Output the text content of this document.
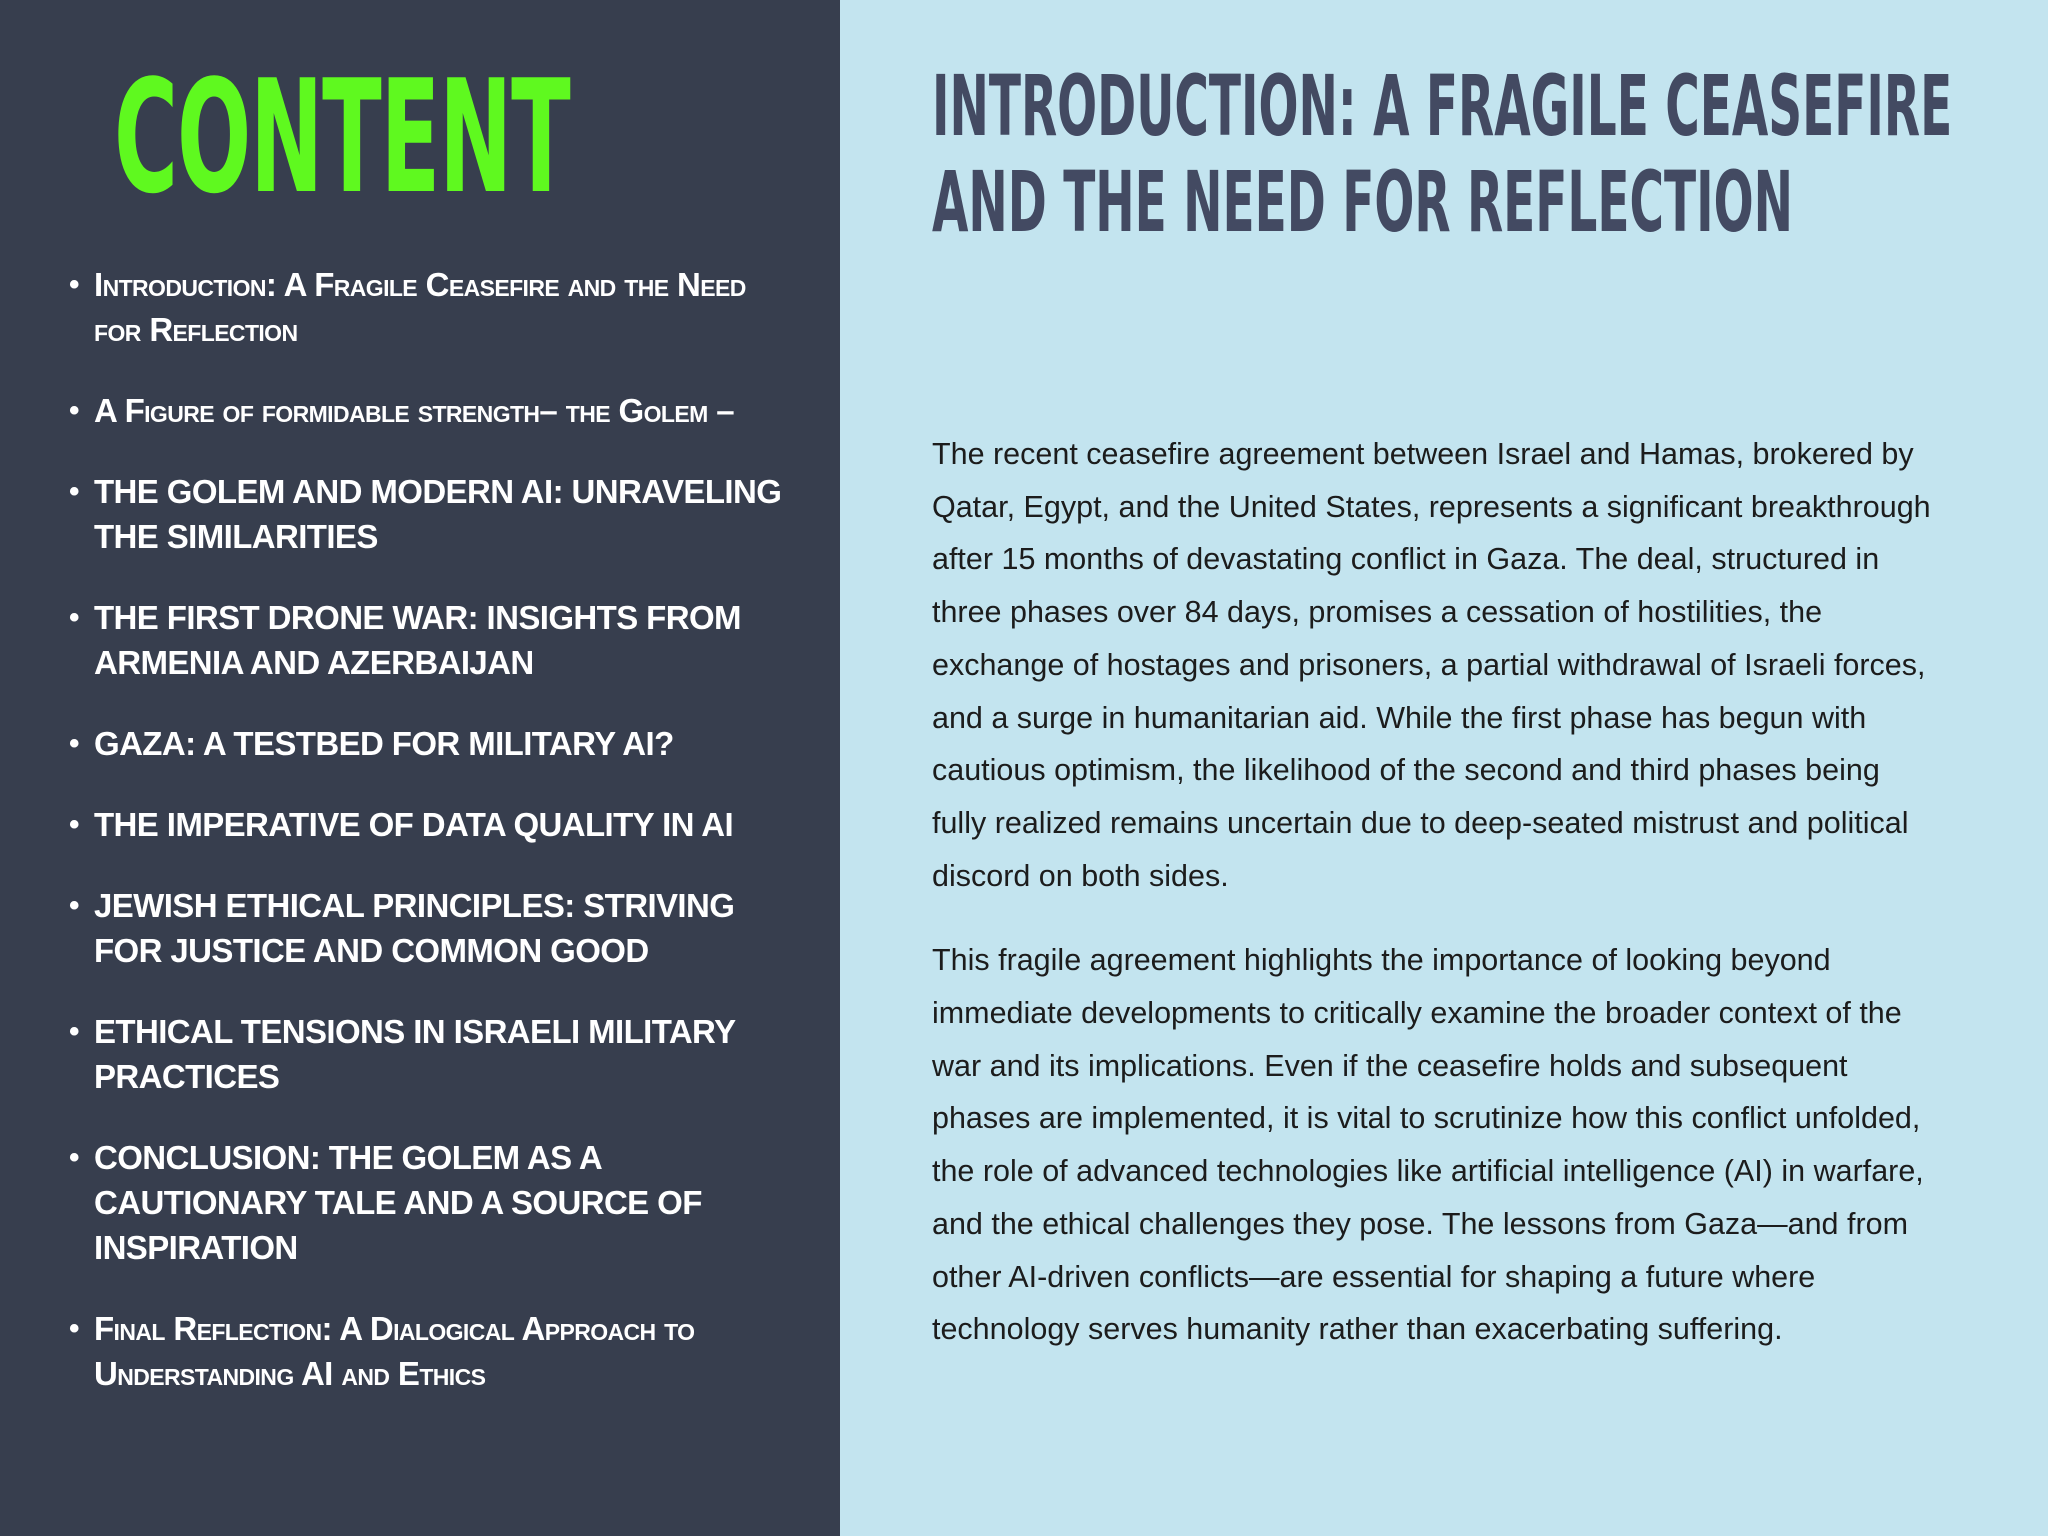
CONTENT
• Introduction: A Fragile Ceasefire and the Need for Reflection
• A Figure of formidable strength– the Golem –
• THE GOLEM AND MODERN AI: UNRAVELING THE SIMILARITIES
• THE FIRST DRONE WAR: INSIGHTS FROM ARMENIA AND AZERBAIJAN
• GAZA: A TESTBED FOR MILITARY AI?
• THE IMPERATIVE OF DATA QUALITY IN AI
• JEWISH ETHICAL PRINCIPLES: STRIVING FOR JUSTICE AND COMMON GOOD
• ETHICAL TENSIONS IN ISRAELI MILITARY PRACTICES
• CONCLUSION: THE GOLEM AS A CAUTIONARY TALE AND A SOURCE OF INSPIRATION
• Final Reflection: A Dialogical Approach to Understanding AI and Ethics
INTRODUCTION: A FRAGILE CEASEFIRE AND THE NEED FOR REFLECTION

The recent ceasefire agreement between Israel and Hamas, brokered by Qatar, Egypt, and the United States, represents a significant breakthrough after 15 months of devastating conflict in Gaza. The deal, structured in three phases over 84 days, promises a cessation of hostilities, the exchange of hostages and prisoners, a partial withdrawal of Israeli forces, and a surge in humanitarian aid. While the first phase has begun with cautious optimism, the likelihood of the second and third phases being fully realized remains uncertain due to deep-seated mistrust and political discord on both sides.

This fragile agreement highlights the importance of looking beyond immediate developments to critically examine the broader context of the war and its implications. Even if the ceasefire holds and subsequent phases are implemented, it is vital to scrutinize how this conflict unfolded, the role of advanced technologies like artificial intelligence (AI) in warfare, and the ethical challenges they pose. The lessons from Gaza—and from other AI-driven conflicts—are essential for shaping a future where technology serves humanity rather than exacerbating suffering.
